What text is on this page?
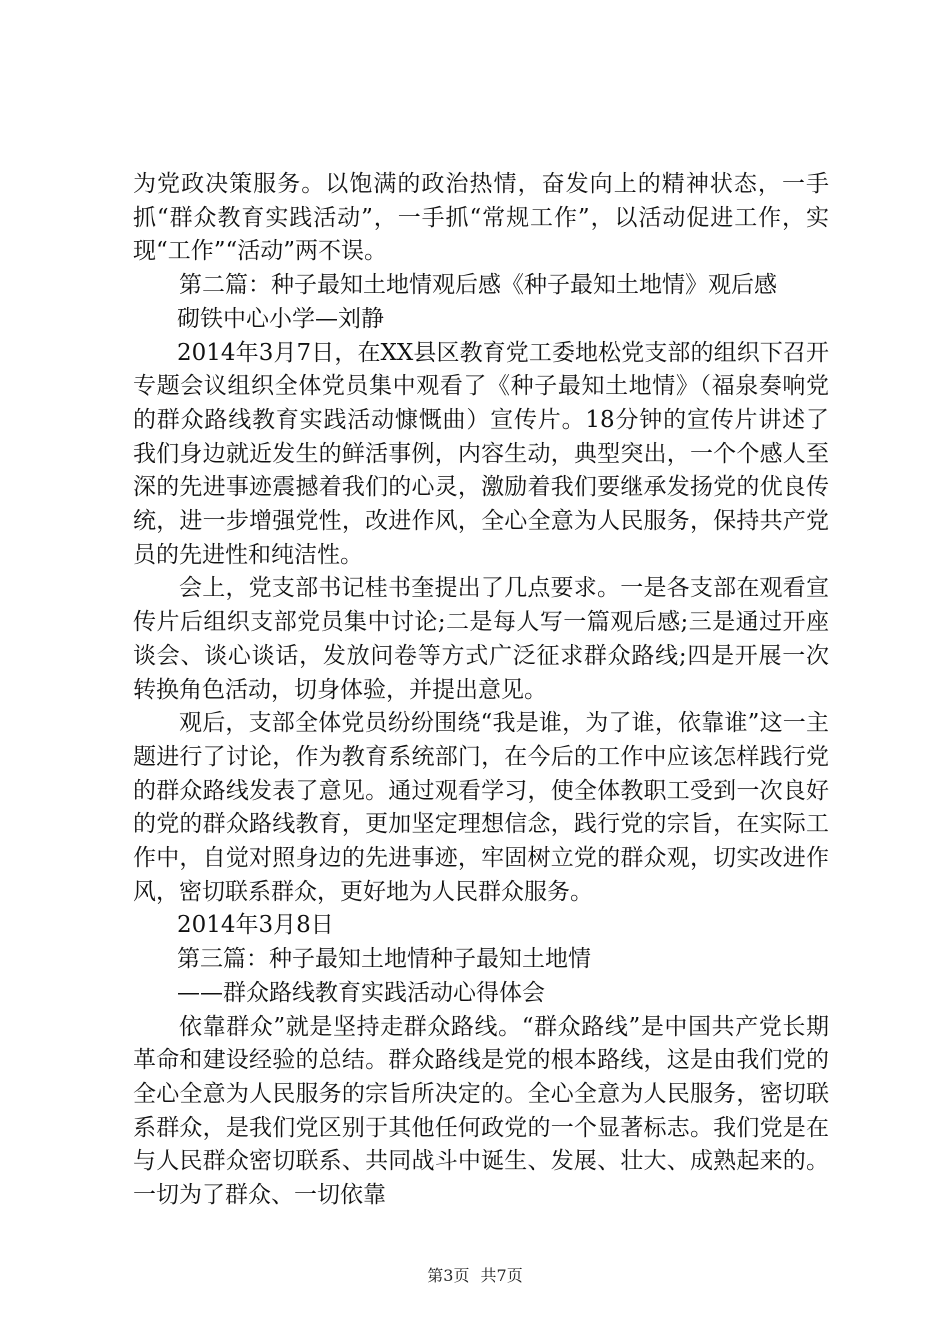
为党政决策服务。以饱满的政治热情，奋发向上的精神状态，一手抓“群众教育实践活动”，一手抓“常规工作”，以活动促进工作，实现“工作”“活动”两不误。

第二篇：种子最知土地情观后感《种子最知土地情》观后感

砌铁中心小学—刘静

2014年3月7日，在XX县区教育党工委地松党支部的组织下召开专题会议组织全体党员集中观看了《种子最知土地情》（福泉奏响党的群众路线教育实践活动慷慨曲）宣传片。18分钟的宣传片讲述了我们身边就近发生的鲜活事例，内容生动，典型突出，一个个感人至深的先进事迹震撼着我们的心灵，激励着我们要继承发扬党的优良传统，进一步增强党性，改进作风，全心全意为人民服务，保持共产党员的先进性和纯洁性。

会上，党支部书记桂书奎提出了几点要求。一是各支部在观看宣传片后组织支部党员集中讨论;二是每人写一篇观后感;三是通过开座谈会、谈心谈话，发放问卷等方式广泛征求群众路线;四是开展一次转换角色活动，切身体验，并提出意见。

观后，支部全体党员纷纷围绕“我是谁，为了谁，依靠谁”这一主题进行了讨论，作为教育系统部门，在今后的工作中应该怎样践行党的群众路线发表了意见。通过观看学习，使全体教职工受到一次良好的党的群众路线教育，更加坚定理想信念，践行党的宗旨，在实际工作中，自觉对照身边的先进事迹，牢固树立党的群众观，切实改进作风，密切联系群众，更好地为人民群众服务。

2014年3月8日

第三篇：种子最知土地情种子最知土地情

——群众路线教育实践活动心得体会

依靠群众”就是坚持走群众路线。“群众路线”是中国共产党长期革命和建设经验的总结。群众路线是党的根本路线，这是由我们党的全心全意为人民服务的宗旨所决定的。全心全意为人民服务，密切联系群众，是我们党区别于其他任何政党的一个显著标志。我们党是在与人民群众密切联系、共同战斗中诞生、发展、壮大、成熟起来的。一切为了群众、一切依靠

第3页 共7页
